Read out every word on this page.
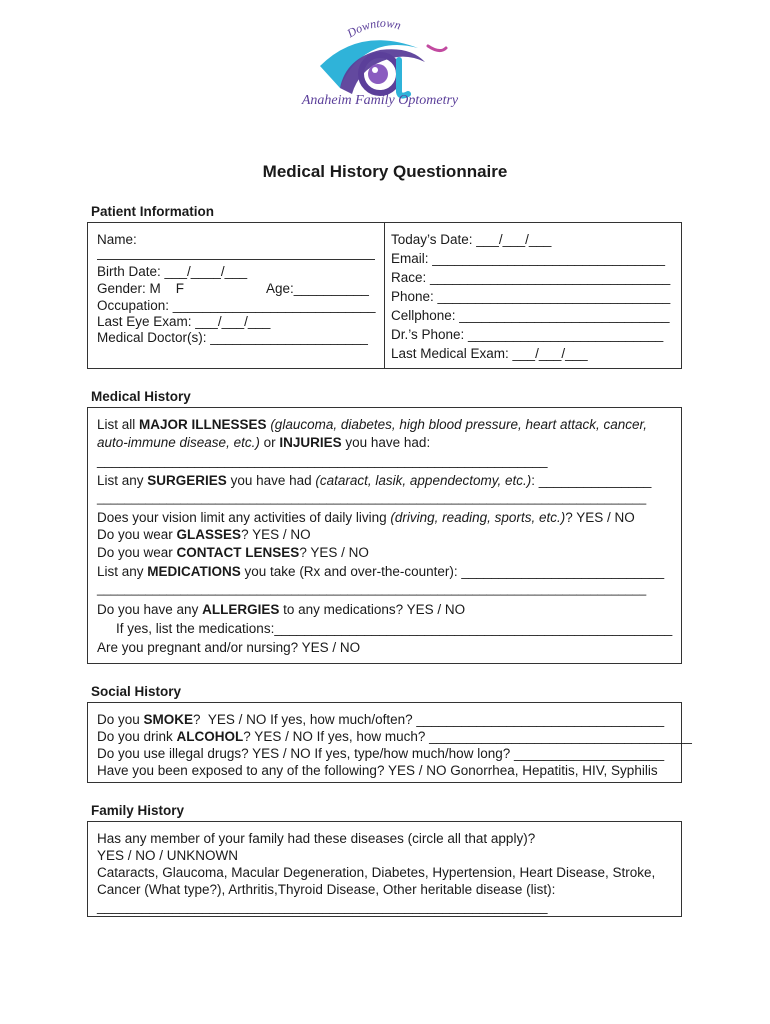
Downtown
Anaheim Family Optometry
Medical History Questionnaire
Patient Information
Name:
Birth Date: ___/____/___
Gender: M    F	Age:__________
Occupation: ___________________________
Last Eye Exam: ___/___/___
Medical Doctor(s): _____________________
Today’s Date: ___/___/___
Email: _______________________________
Race: ________________________________
Phone: _______________________________
Cellphone: ____________________________
Dr.’s Phone: __________________________
Last Medical Exam: ___/___/___
Medical History
List all MAJOR ILLNESSES (glaucoma, diabetes, high blood pressure, heart attack, cancer,
auto-immune disease, etc.) or INJURIES you have had:
____________________________________________________________
List any SURGERIES you have had (cataract, lasik, appendectomy, etc.): _______________
_______________________________________________________________________________
Does your vision limit any activities of daily living (driving, reading, sports, etc.)? YES / NO
Do you wear GLASSES? YES / NO
Do you wear CONTACT LENSES? YES / NO
List any MEDICATIONS you take (Rx and over-the-counter): ___________________________
_______________________________________________________________________________
Do you have any ALLERGIES to any medications? YES / NO
If yes, list the medications:_____________________________________________________
Are you pregnant and/or nursing? YES / NO
Social History
Do you SMOKE?  YES / NO If yes, how much/often? _________________________________
Do you drink ALCOHOL? YES / NO If yes, how much? ___________________________________
Do you use illegal drugs? YES / NO If yes, type/how much/how long? ____________________
Have you been exposed to any of the following? YES / NO Gonorrhea, Hepatitis, HIV, Syphilis
Family History
Has any member of your family had these diseases (circle all that apply)?
YES / NO / UNKNOWN
Cataracts, Glaucoma, Macular Degeneration, Diabetes, Hypertension, Heart Disease, Stroke,
Cancer (What type?), Arthritis,Thyroid Disease, Other heritable disease (list):
____________________________________________________________
